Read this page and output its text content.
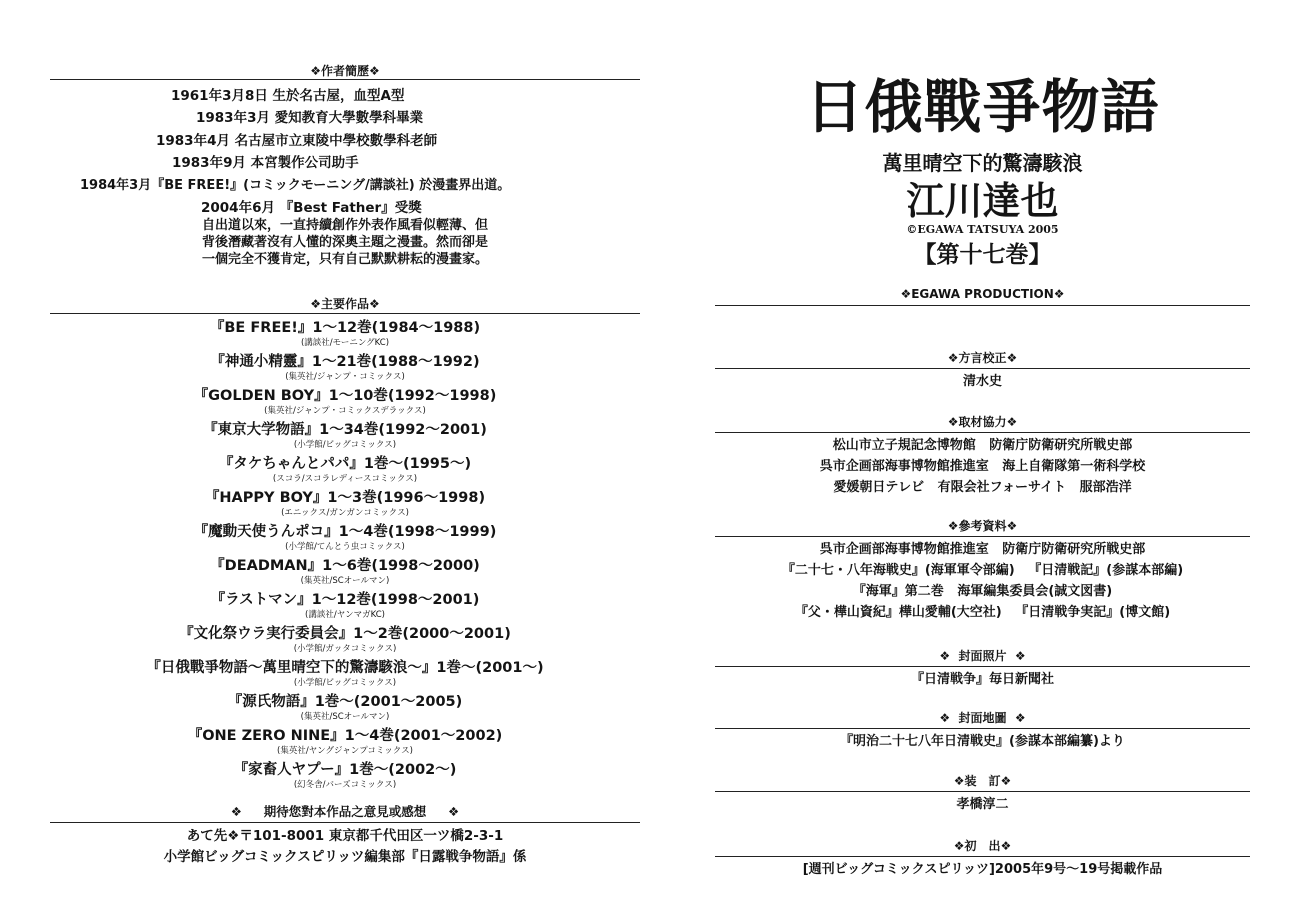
❖作者簡歷❖
1961年3月8日 生於名古屋，血型A型
1983年3月 愛知教育大學數學科畢業
1983年4月 名古屋市立東陵中學校數學科老師
1983年9月 本宮製作公司助手
1984年3月『BE FREE!』(コミックモーニング/講談社) 於漫畫界出道。
2004年6月 『Best Father』受獎
自出道以來，一直持續創作外表作風看似輕薄、但
背後潛藏著沒有人懂的深奧主題之漫畫。然而卻是
一個完全不獲肯定，只有自己默默耕耘的漫畫家。
❖主要作品❖
『BE FREE!』1〜12巻(1984〜1988)
(講談社/モーニングKC)
『神通小精靈』1〜21巻(1988〜1992)
(集英社/ジャンプ・コミックス)
『GOLDEN BOY』1〜10巻(1992〜1998)
(集英社/ジャンプ・コミックスデラックス)
『東京大学物語』1〜34巻(1992〜2001)
(小学館/ビッグコミックス)
『タケちゃんとパパ』1巻〜(1995〜)
(スコラ/スコラレディースコミックス)
『HAPPY BOY』1〜3巻(1996〜1998)
(エニックス/ガンガンコミックス)
『魔動天使うんポコ』1〜4巻(1998〜1999)
(小学館/てんとう虫コミックス)
『DEADMAN』1〜6巻(1998〜2000)
(集英社/SCオールマン)
『ラストマン』1〜12巻(1998〜2001)
(講談社/ヤンマガKC)
『文化祭ウラ実行委員会』1〜2巻(2000〜2001)
(小学館/ガッタコミックス)
『日俄戰爭物語〜萬里晴空下的驚濤駭浪〜』1巻〜(2001〜)
(小学館/ビッグコミックス)
『源氏物語』1巻〜(2001〜2005)
(集英社/SCオールマン)
『ONE ZERO NINE』1〜4巻(2001〜2002)
(集英社/ヤングジャンプコミックス)
『家畜人ヤプー』1巻〜(2002〜)
(幻冬舎/バーズコミックス)
❖     期待您對本作品之意見或感想     ❖
あて先❖〒101-8001 東京都千代田区一ツ橋2-3-1
小学館ビッグコミックスピリッツ編集部『日露戦争物語』係
日俄戰爭物語
萬里晴空下的驚濤駭浪
江川達也
©EGAWA TATSUYA 2005
【第十七巻】
❖EGAWA PRODUCTION❖
❖方言校正❖
清水史
❖取材協力❖
松山市立子規記念博物館   防衛庁防衛研究所戦史部
呉市企画部海事博物館推進室   海上自衛隊第一術科学校
愛媛朝日テレビ   有限会社フォーサイト   服部浩洋
❖參考資料❖
呉市企画部海事博物館推進室   防衛庁防衛研究所戦史部
『二十七・八年海戦史』(海軍軍令部編)   『日清戦記』(参謀本部編)
『海軍』第二巻   海軍編集委員会(誠文図書)
『父・樺山資紀』樺山愛輔(大空社)   『日清戦争実記』(博文館)
❖  封面照片  ❖
『日清戦争』毎日新聞社
❖  封面地圖  ❖
『明治二十七八年日清戦史』(参謀本部編纂)より
❖装　訂❖
孝橋淳二
❖初　出❖
[週刊ビッグコミックスピリッツ]2005年9号〜19号掲載作品
